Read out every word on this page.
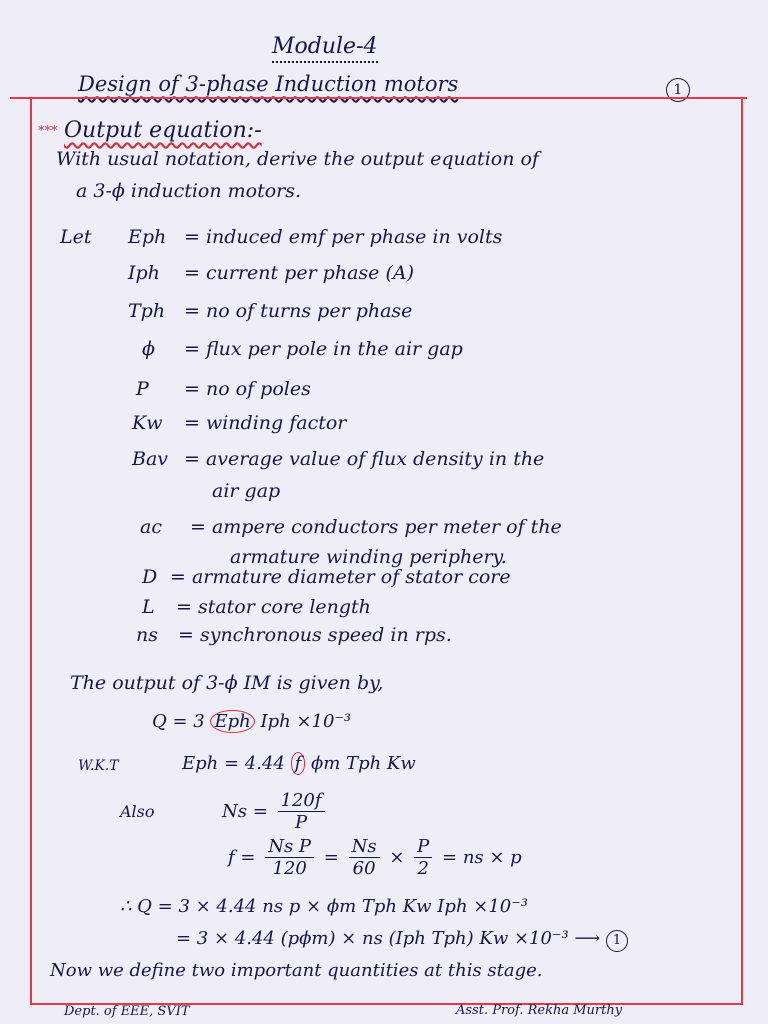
Module-4
Design of 3-phase Induction motors	1
*** Output equation:-
With usual notation, derive the output equation of
a 3-ϕ induction motors.
Let Eph = induced emf per phase in volts
Iph = current per phase (A)
Tph = no of turns per phase
ϕ = flux per pole in the air gap
P = no of poles
Kw = winding factor
Bav = average value of flux density in the
air gap
ac = ampere conductors per meter of the
armature winding periphery.
D = armature diameter of stator core
L = stator core length
ns = synchronous speed in rps.
The output of 3-ϕ IM is given by,
Q = 3 Eph Iph ×10⁻³
W.K.T	Eph = 4.44 f ϕm Tph Kw
Also	$Ns = \frac{120f}{P}$
$f = \frac{\text{Ns P}}{120} = \frac{Ns}{60} \times \frac{P}{2}$ = ns × p
∴ Q = 3 × 4.44 ns p × ϕm Tph Kw Iph ×10⁻³
= 3 × 4.44 (pϕm) × ns (Iph Tph) Kw ×10⁻³ ⟶ 1
Now we define two important quantities at this stage.
Dept. of EEE, SVIT	Asst. Prof. Rekha Murthy
